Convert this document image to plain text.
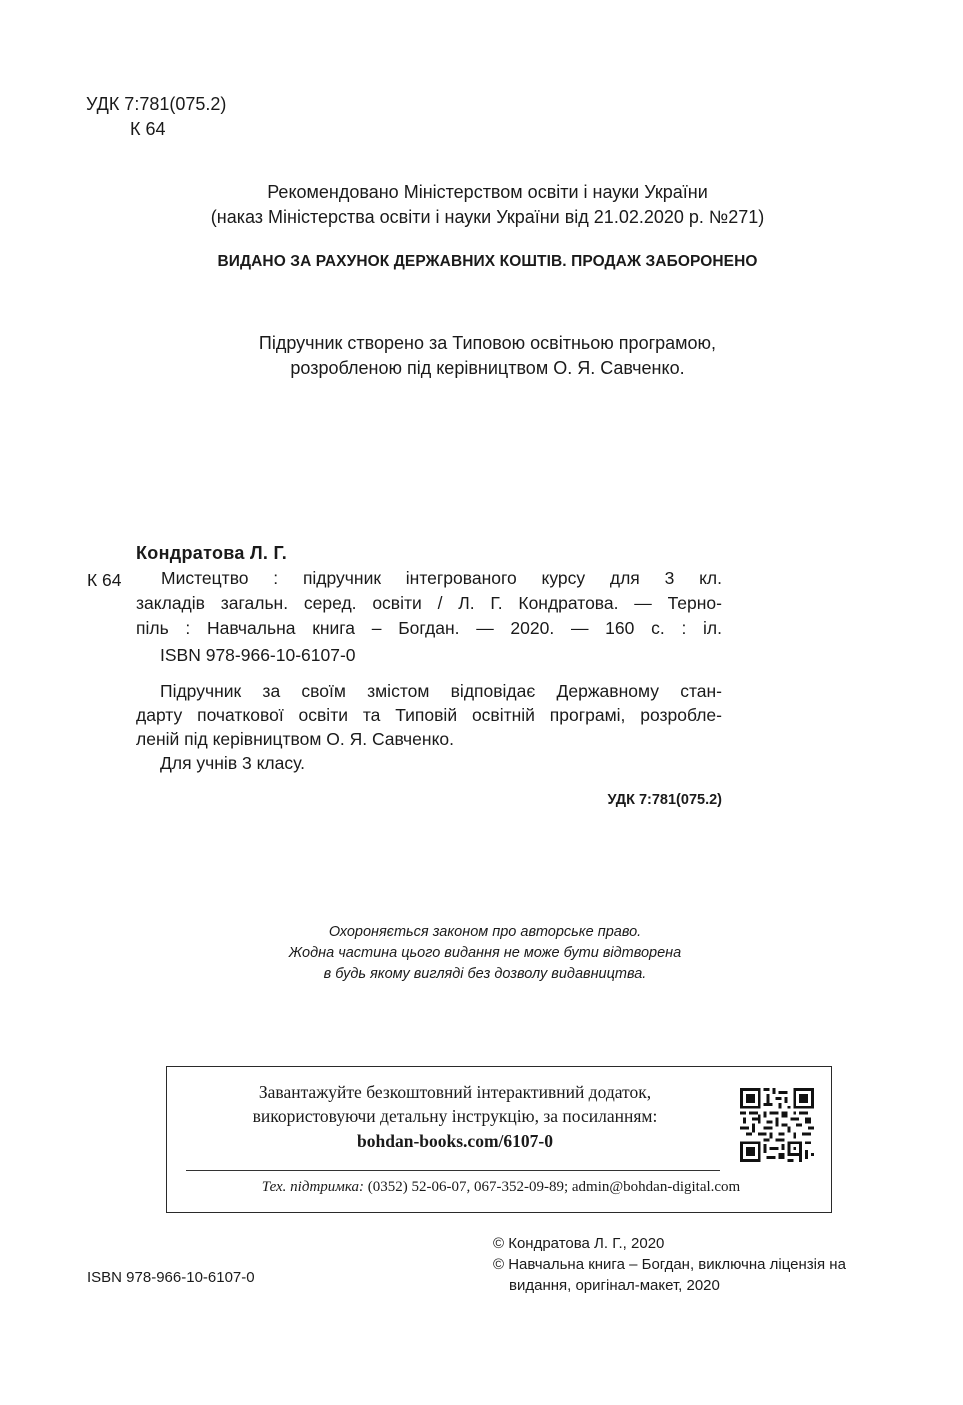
УДК 7:781(075.2)
К 64
Рекомендовано Міністерством освіти і науки України
(наказ Міністерства освіти і науки України від 21.02.2020 р. №271)
ВИДАНО ЗА РАХУНОК ДЕРЖАВНИХ КОШТІВ. ПРОДАЖ ЗАБОРОНЕНО
Підручник створено за Типовою освітньою програмою,
розробленою під керівництвом О. Я. Савченко.
Кондратова Л. Г.
К 64	Мистецтво : підручник інтегрованого курсу для 3 кл.
закладів загальн. серед. освіти / Л. Г. Кондратова. — Терно-
піль : Навчальна книга – Богдан. — 2020. — 160 с. : іл.
ISBN 978-966-10-6107-0
Підручник за своїм змістом відповідає Державному стан-
дарту початкової освіти та Типовій освітній програмі, розробле-
леній під керівництвом О. Я. Савченко.
Для учнів 3 класу.
УДК 7:781(075.2)
Охороняється законом про авторське право.
Жодна частина цього видання не може бути відтворена
в будь якому вигляді без дозволу видавництва.
Завантажуйте безкоштовний інтерактивний додаток,
використовуючи детальну інструкцію, за посиланням:
bohdan-books.com/6107-0
Тех. підтримка: (0352) 52-06-07, 067-352-09-89; admin@bohdan-digital.com
ISBN 978-966-10-6107-0
© Кондратова Л. Г., 2020
© Навчальна книга – Богдан, виключна ліцензія на
видання, оригінал-макет, 2020
